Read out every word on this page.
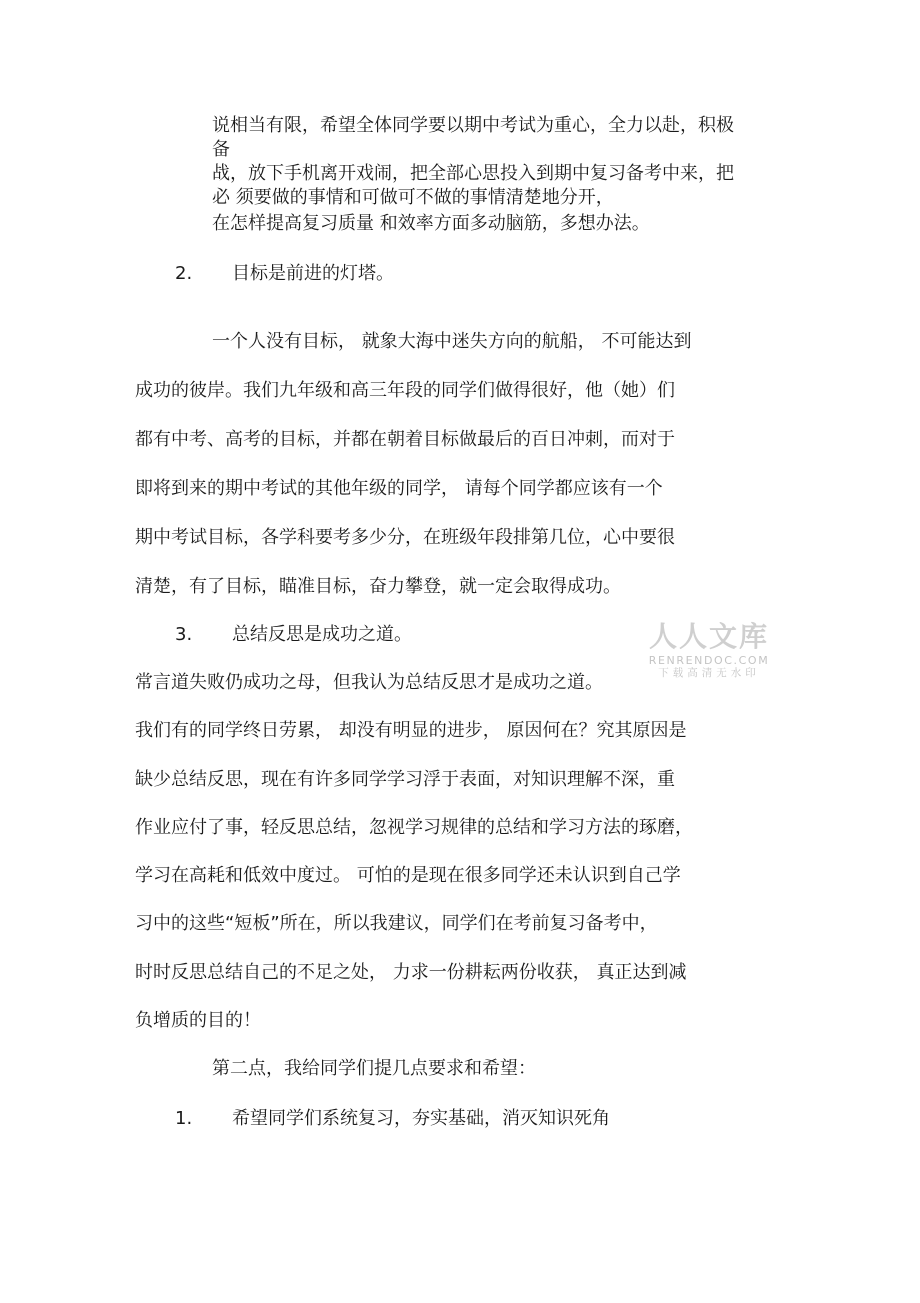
说相当有限，希望全体同学要以期中考试为重心，全力以赴，积极
备
战，放下手机离开戏闹，把全部心思投入到期中复习备考中来，把
必 须要做的事情和可做可不做的事情清楚地分开，
在怎样提高复习质量 和效率方面多动脑筋，多想办法。
2. 目标是前进的灯塔。
一个人没有目标， 就象大海中迷失方向的航船， 不可能达到
成功的彼岸。我们九年级和高三年段的同学们做得很好，他（她）们
都有中考、高考的目标，并都在朝着目标做最后的百日冲刺，而对于
即将到来的期中考试的其他年级的同学， 请每个同学都应该有一个
期中考试目标，各学科要考多少分，在班级年段排第几位，心中要很
清楚，有了目标，瞄准目标，奋力攀登，就一定会取得成功。
3. 总结反思是成功之道。	人人文库
RENRENDOC.COM
下载高清无水印
常言道失败仍成功之母，但我认为总结反思才是成功之道。
我们有的同学终日劳累， 却没有明显的进步， 原因何在？究其原因是
缺少总结反思，现在有许多同学学习浮于表面，对知识理解不深，重
作业应付了事，轻反思总结，忽视学习规律的总结和学习方法的琢磨，
学习在高耗和低效中度过。 可怕的是现在很多同学还未认识到自己学
习中的这些“短板”所在，所以我建议，同学们在考前复习备考中，
时时反思总结自己的不足之处， 力求一份耕耘两份收获， 真正达到减
负增质的目的！
第二点，我给同学们提几点要求和希望：
1. 希望同学们系统复习，夯实基础，消灭知识死角
